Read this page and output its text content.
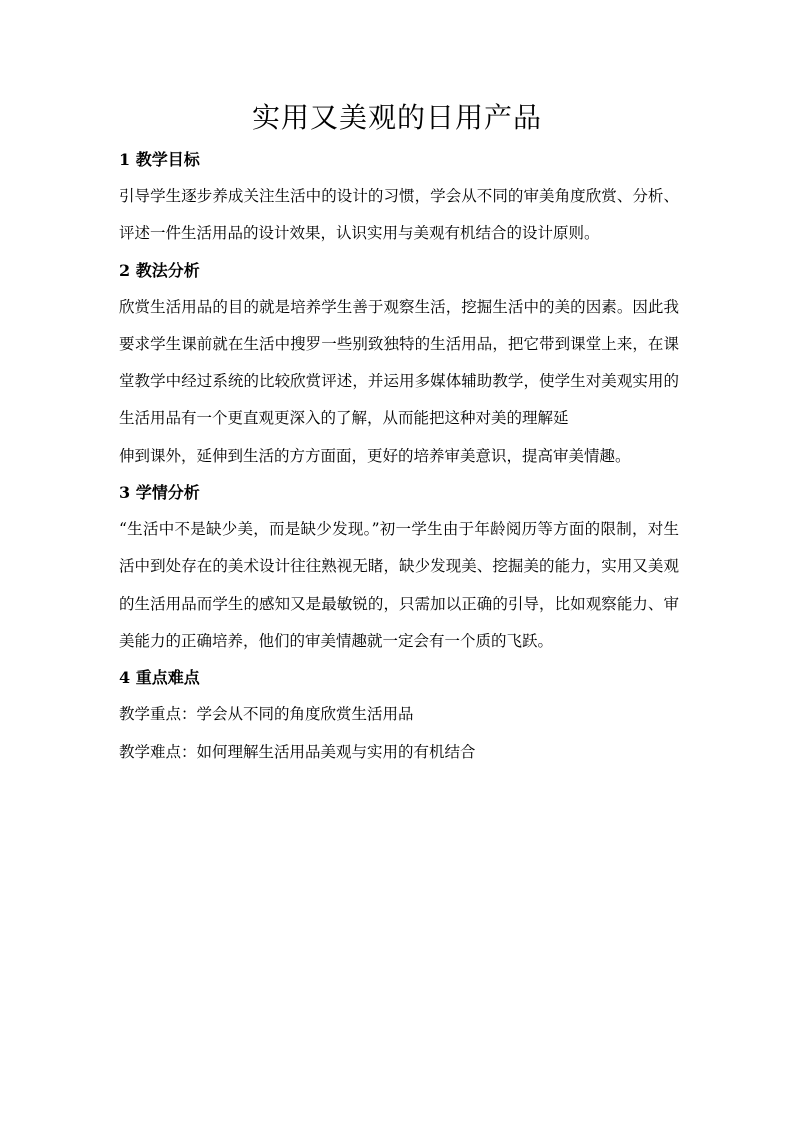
实用又美观的日用产品
1 教学目标

引导学生逐步养成关注生活中的设计的习惯，学会从不同的审美角度欣赏、分析、评述一件生活用品的设计效果，认识实用与美观有机结合的设计原则。

2 教法分析

欣赏生活用品的目的就是培养学生善于观察生活，挖掘生活中的美的因素。因此我要求学生课前就在生活中搜罗一些别致独特的生活用品，把它带到课堂上来，在课堂教学中经过系统的比较欣赏评述，并运用多媒体辅助教学，使学生对美观实用的生活用品有一个更直观更深入的了解，从而能把这种对美的理解延

伸到课外，延伸到生活的方方面面，更好的培养审美意识，提高审美情趣。

3 学情分析

“生活中不是缺少美，而是缺少发现。”初一学生由于年龄阅历等方面的限制，对生活中到处存在的美术设计往往熟视无睹，缺少发现美、挖掘美的能力，实用又美观的生活用品而学生的感知又是最敏锐的，只需加以正确的引导，比如观察能力、审美能力的正确培养，他们的审美情趣就一定会有一个质的飞跃。

4 重点难点

教学重点：学会从不同的角度欣赏生活用品

教学难点：如何理解生活用品美观与实用的有机结合
